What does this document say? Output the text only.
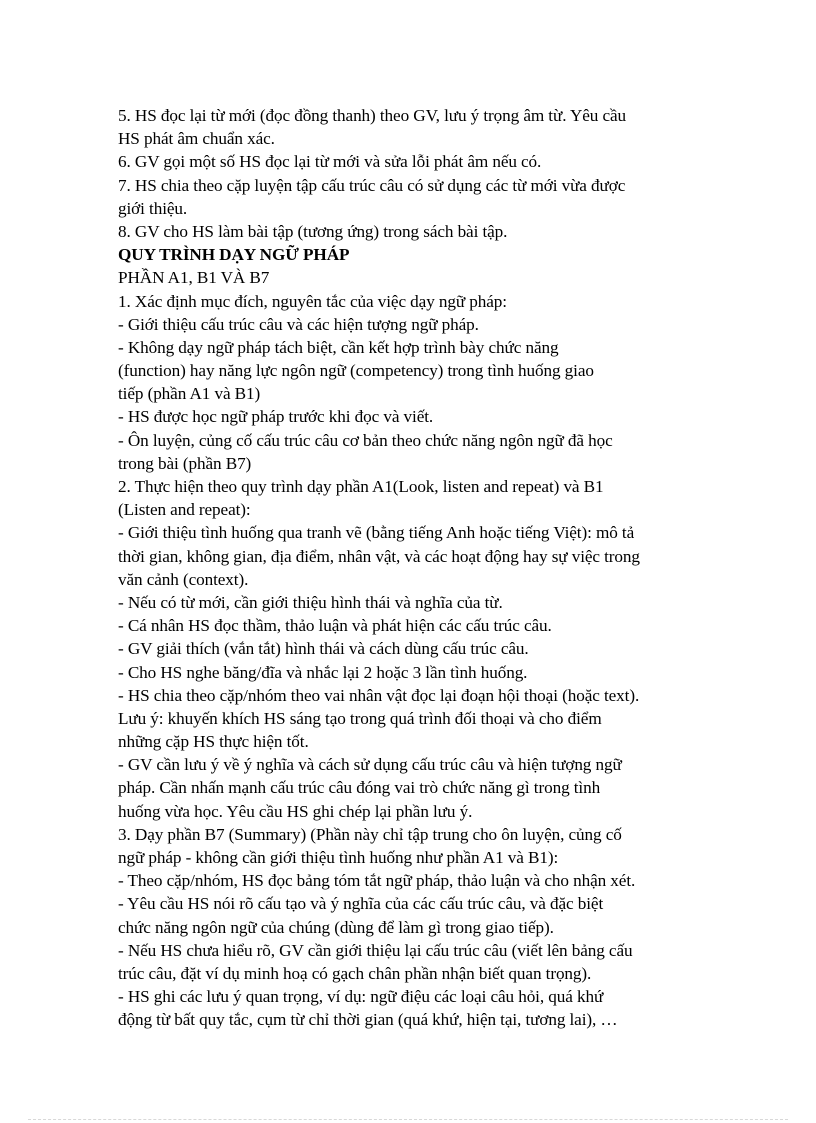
5. HS đọc lại từ mới (đọc đồng thanh) theo GV, lưu ý trọng âm từ. Yêu cầu
HS phát âm chuẩn xác.
6. GV gọi một số HS đọc lại từ mới và sửa lỗi phát âm nếu có.
7. HS chia theo cặp luyện tập cấu trúc câu có sử dụng các từ mới vừa được
giới thiệu.
8. GV cho HS làm bài tập (tương ứng) trong sách bài tập.
QUY TRÌNH DẠY NGỮ PHÁP
PHẦN A1, B1 VÀ B7
1. Xác định mục đích, nguyên tắc của việc dạy ngữ pháp:
- Giới thiệu cấu trúc câu và các hiện tượng ngữ pháp.
- Không dạy ngữ pháp tách biệt, cần kết hợp trình bày chức năng
(function) hay năng lực ngôn ngữ (competency) trong tình huống giao
tiếp (phần A1 và B1)
- HS được học ngữ pháp trước khi đọc và viết.
- Ôn luyện, củng cố cấu trúc câu cơ bản theo chức năng ngôn ngữ đã học
trong bài (phần B7)
2. Thực hiện theo quy trình dạy phần A1(Look, listen and repeat) và B1
(Listen and repeat):
- Giới thiệu tình huống qua tranh vẽ (bằng tiếng Anh hoặc tiếng Việt): mô tả
thời gian, không gian, địa điểm, nhân vật, và các hoạt động hay sự việc trong
văn cảnh (context).
- Nếu có từ mới, cần giới thiệu hình thái và nghĩa của từ.
- Cá nhân HS đọc thầm, thảo luận và phát hiện các cấu trúc câu.
- GV giải thích (vắn tắt) hình thái và cách dùng cấu trúc câu.
- Cho HS nghe băng/đĩa và nhắc lại 2 hoặc 3 lần tình huống.
- HS chia theo cặp/nhóm theo vai nhân vật đọc lại đoạn hội thoại (hoặc text).
Lưu ý: khuyến khích HS sáng tạo trong quá trình đối thoại và cho điểm
những cặp HS thực hiện tốt.
- GV cần lưu ý về ý nghĩa và cách sử dụng cấu trúc câu và hiện tượng ngữ
pháp. Cần nhấn mạnh cấu trúc câu đóng vai trò chức năng gì trong tình
huống vừa học. Yêu cầu HS ghi chép lại phần lưu ý.
3. Dạy phần B7 (Summary) (Phần này chỉ tập trung cho ôn luyện, củng cố
ngữ pháp - không cần giới thiệu tình huống như phần A1 và B1):
- Theo cặp/nhóm, HS đọc bảng tóm tắt ngữ pháp, thảo luận và cho nhận xét.
- Yêu cầu HS nói rõ cấu tạo và ý nghĩa của các cấu trúc câu, và đặc biệt
chức năng ngôn ngữ của chúng (dùng để làm gì trong giao tiếp).
- Nếu HS chưa hiểu rõ, GV cần giới thiệu lại cấu trúc câu (viết lên bảng cấu
trúc câu, đặt ví dụ minh hoạ có gạch chân phần nhận biết quan trọng).
- HS ghi các lưu ý quan trọng, ví dụ: ngữ điệu các loại câu hỏi, quá khứ
động từ bất quy tắc, cụm từ chỉ thời gian (quá khứ, hiện tại, tương lai), …
